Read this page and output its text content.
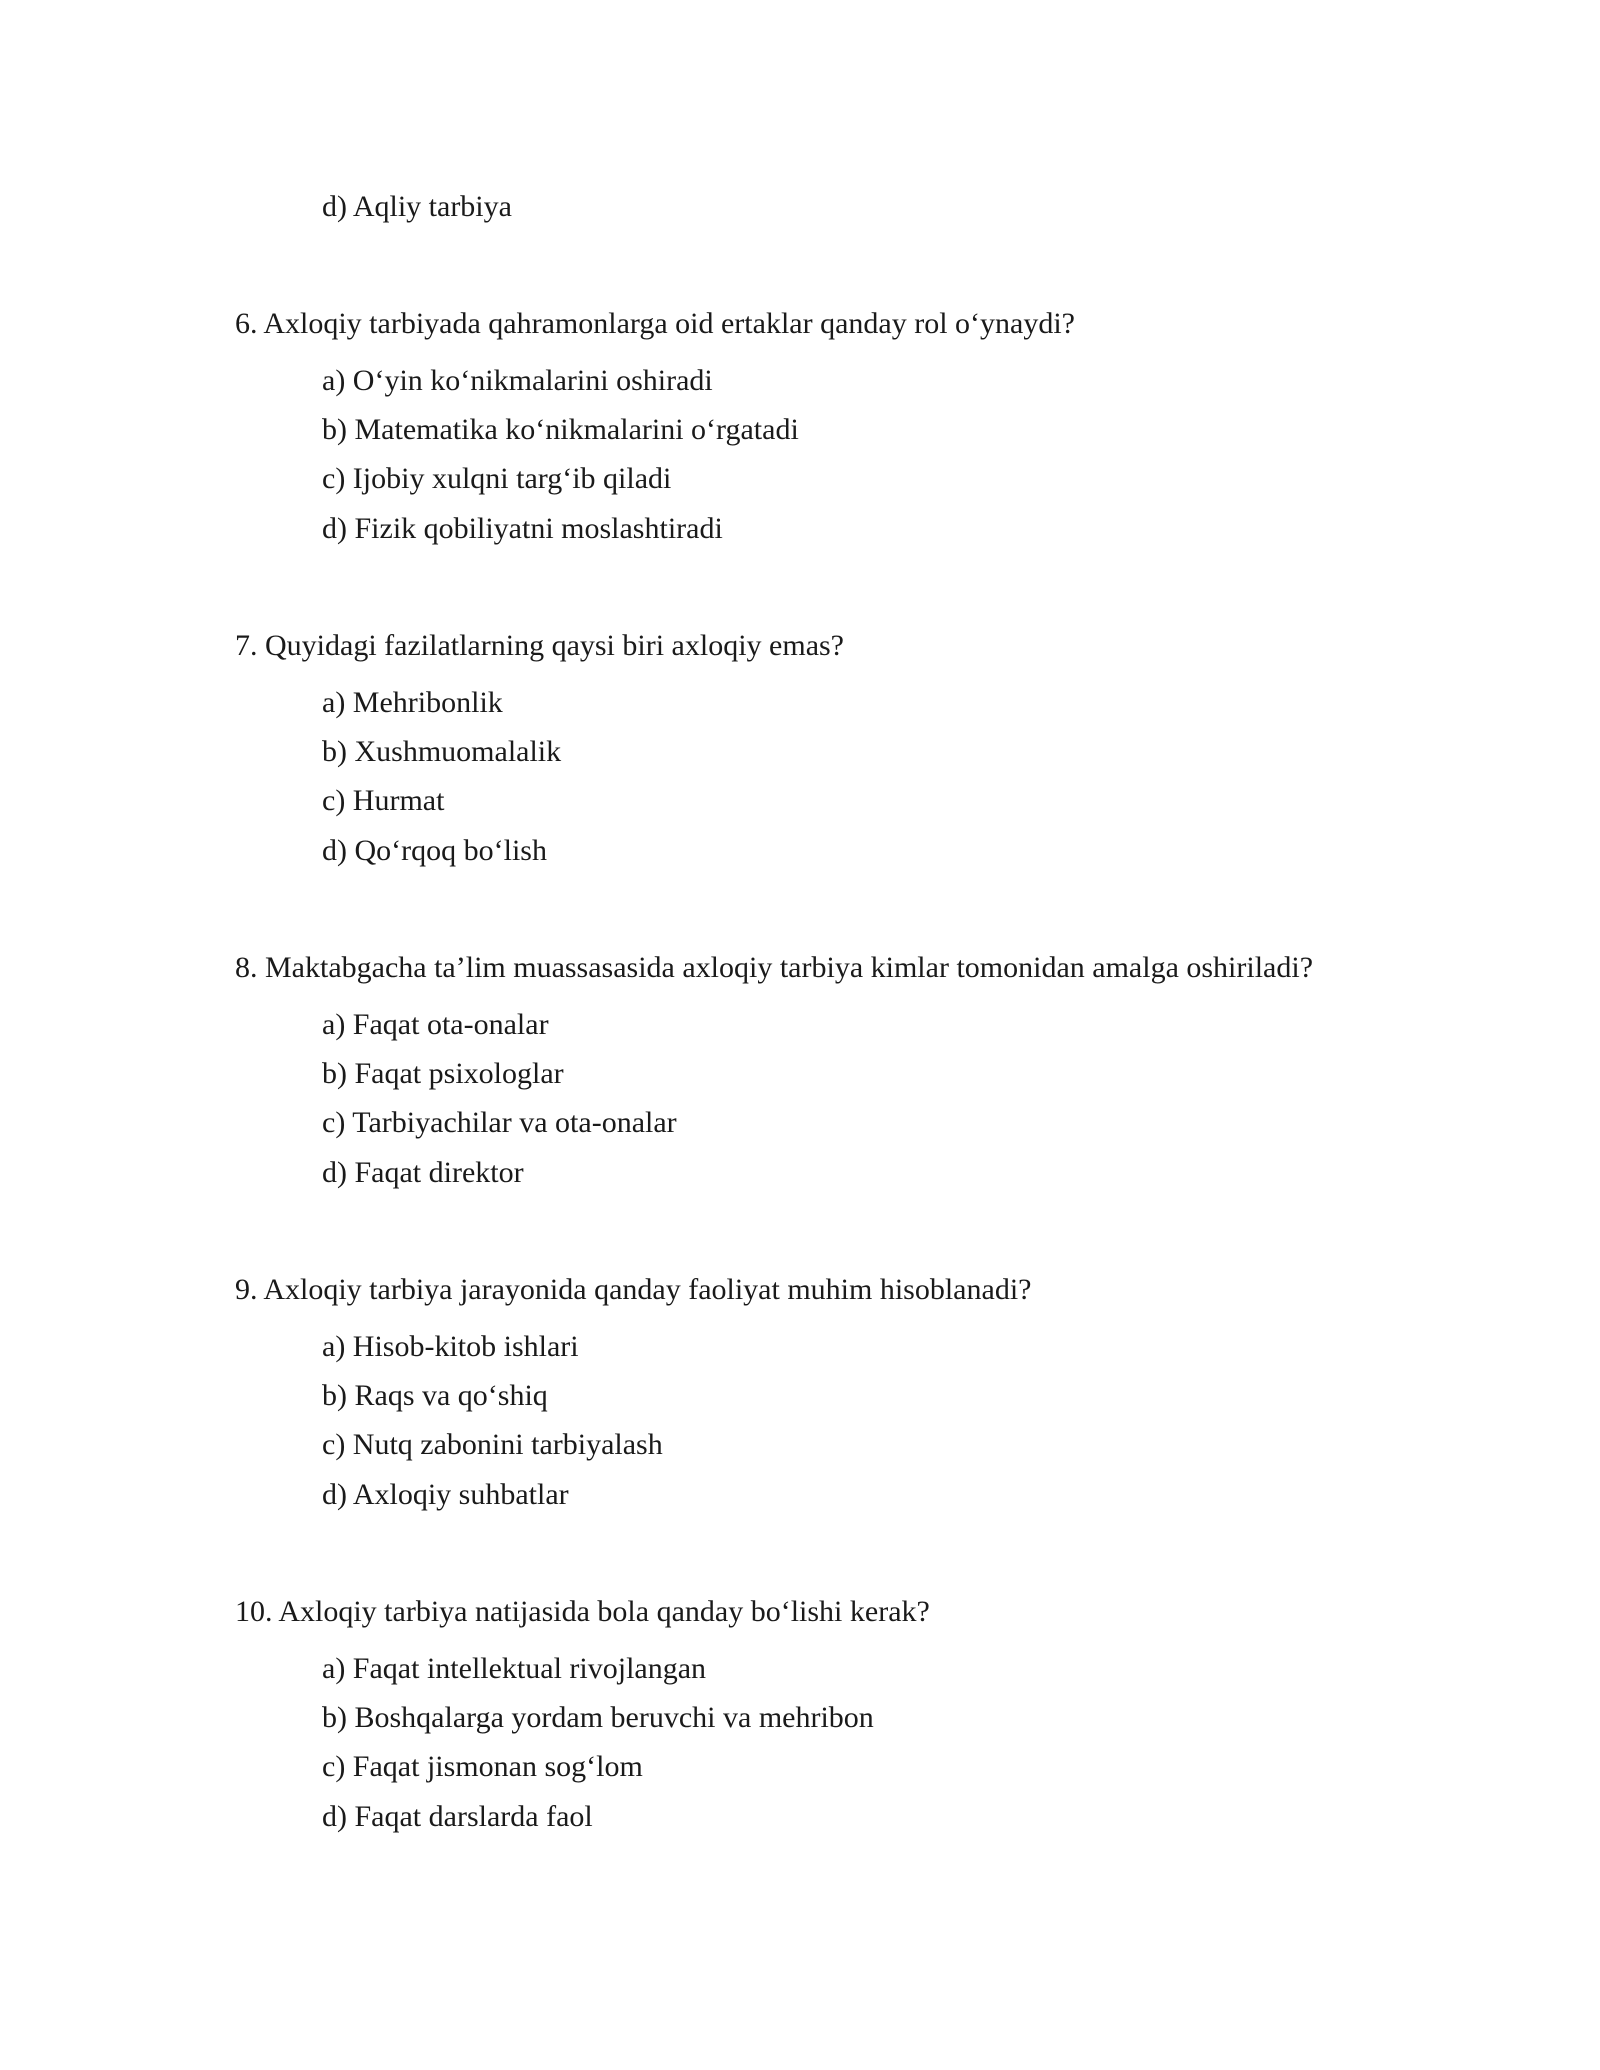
d) Aqliy tarbiya
6. Axloqiy tarbiyada qahramonlarga oid ertaklar qanday rol o‘ynaydi?
a) O‘yin ko‘nikmalarini oshiradi
b) Matematika ko‘nikmalarini o‘rgatadi
c) Ijobiy xulqni targ‘ib qiladi
d) Fizik qobiliyatni moslashtiradi
7. Quyidagi fazilatlarning qaysi biri axloqiy emas?
a) Mehribonlik
b) Xushmuomalalik
c) Hurmat
d) Qo‘rqoq bo‘lish
8. Maktabgacha ta’lim muassasasida axloqiy tarbiya kimlar tomonidan amalga oshiriladi?
a) Faqat ota-onalar
b) Faqat psixologlar
c) Tarbiyachilar va ota-onalar
d) Faqat direktor
9. Axloqiy tarbiya jarayonida qanday faoliyat muhim hisoblanadi?
a) Hisob-kitob ishlari
b) Raqs va qo‘shiq
c) Nutq zabonini tarbiyalash
d) Axloqiy suhbatlar
10. Axloqiy tarbiya natijasida bola qanday bo‘lishi kerak?
a) Faqat intellektual rivojlangan
b) Boshqalarga yordam beruvchi va mehribon
c) Faqat jismonan sog‘lom
d) Faqat darslarda faol
